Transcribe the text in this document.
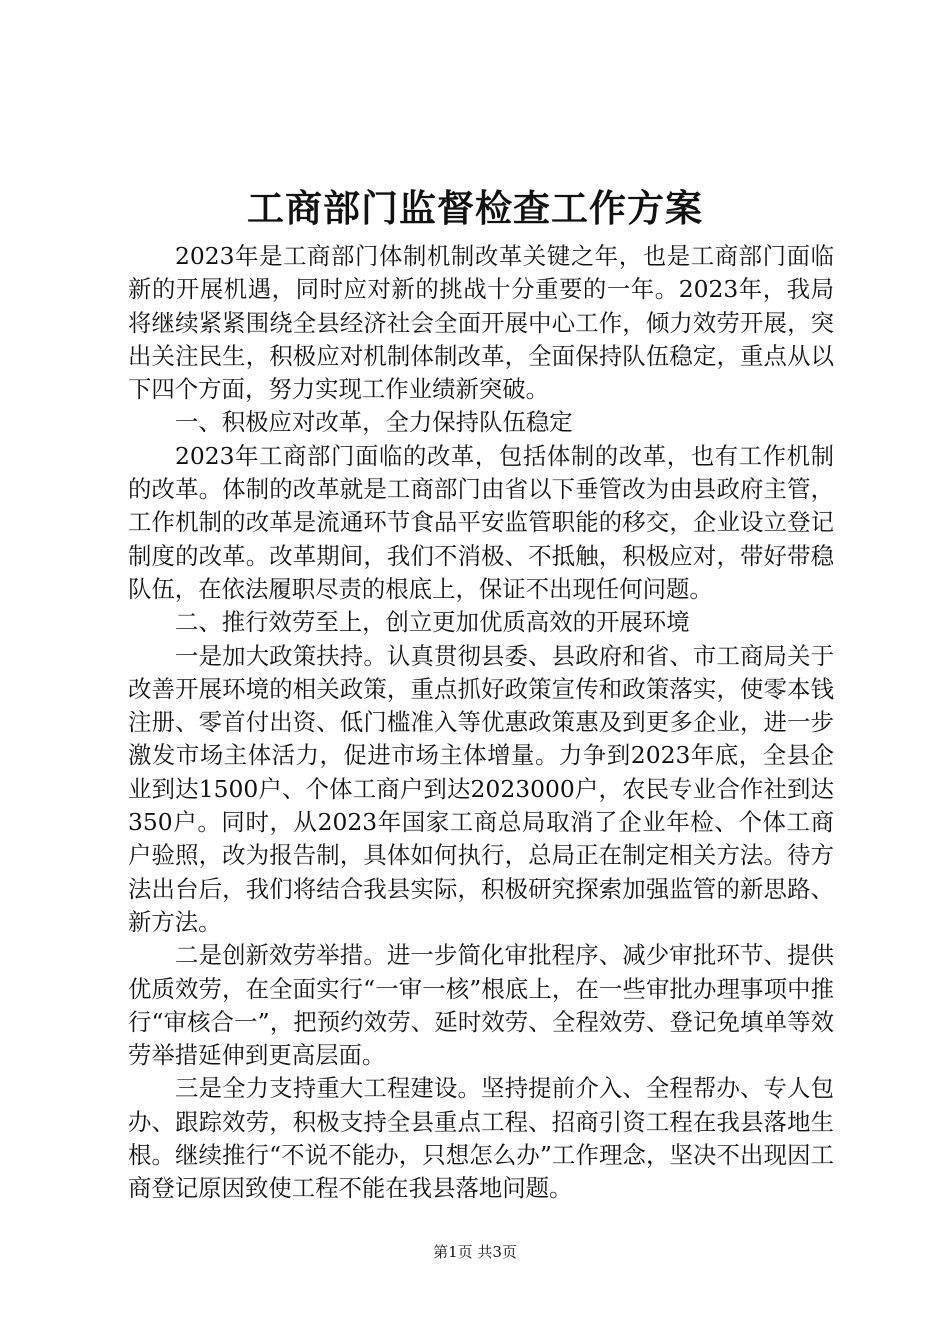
工商部门监督检查工作方案

2023年是工商部门体制机制改革关键之年，也是工商部门面临新的开展机遇，同时应对新的挑战十分重要的一年。2023年，我局将继续紧紧围绕全县经济社会全面开展中心工作，倾力效劳开展，突出关注民生，积极应对机制体制改革，全面保持队伍稳定，重点从以下四个方面，努力实现工作业绩新突破。

一、积极应对改革，全力保持队伍稳定

2023年工商部门面临的改革，包括体制的改革，也有工作机制的改革。体制的改革就是工商部门由省以下垂管改为由县政府主管，工作机制的改革是流通环节食品平安监管职能的移交，企业设立登记制度的改革。改革期间，我们不消极、不抵触，积极应对，带好带稳队伍，在依法履职尽责的根底上，保证不出现任何问题。

二、推行效劳至上，创立更加优质高效的开展环境

一是加大政策扶持。认真贯彻县委、县政府和省、市工商局关于改善开展环境的相关政策，重点抓好政策宣传和政策落实，使零本钱注册、零首付出资、低门槛准入等优惠政策惠及到更多企业，进一步激发市场主体活力，促进市场主体增量。力争到2023年底，全县企业到达1500户、个体工商户到达2023000户，农民专业合作社到达350户。同时，从2023年国家工商总局取消了企业年检、个体工商户验照，改为报告制，具体如何执行，总局正在制定相关方法。待方法出台后，我们将结合我县实际，积极研究探索加强监管的新思路、新方法。

二是创新效劳举措。进一步简化审批程序、减少审批环节、提供优质效劳，在全面实行“一审一核”根底上，在一些审批办理事项中推行“审核合一”，把预约效劳、延时效劳、全程效劳、登记免填单等效劳举措延伸到更高层面。

三是全力支持重大工程建设。坚持提前介入、全程帮办、专人包办、跟踪效劳，积极支持全县重点工程、招商引资工程在我县落地生根。继续推行“不说不能办，只想怎么办”工作理念，坚决不出现因工商登记原因致使工程不能在我县落地问题。

第1页 共3页
